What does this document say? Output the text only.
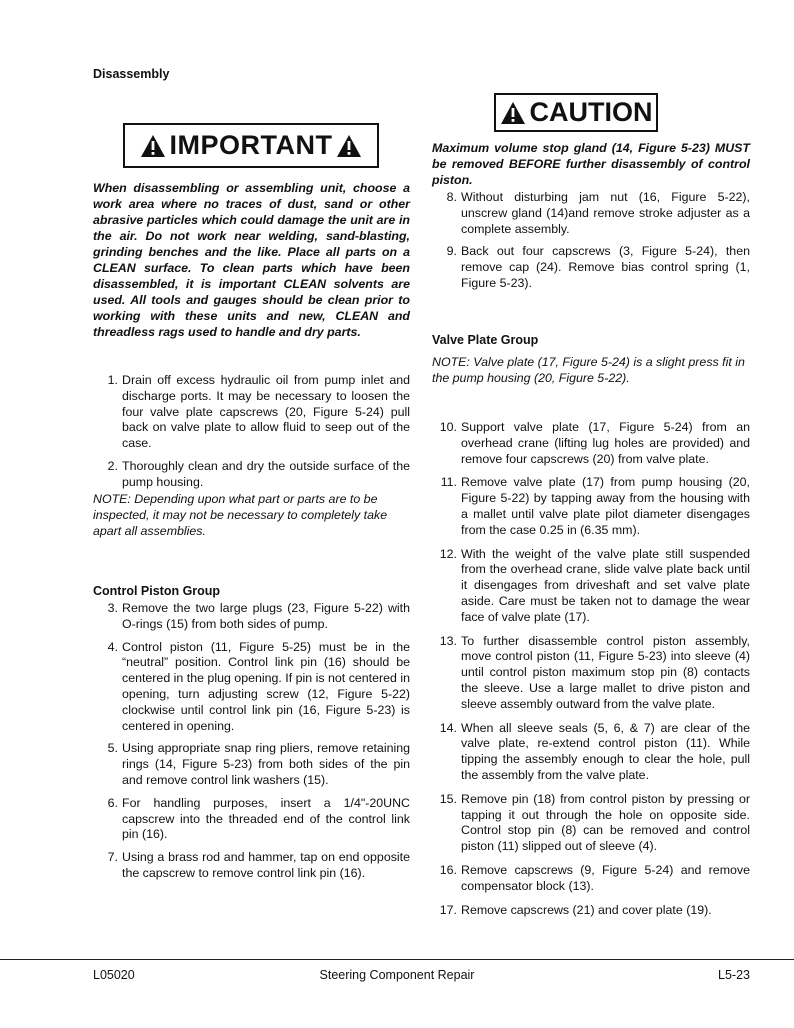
Disassembly
IMPORTANT
When disassembling or assembling unit, choose a work area where no traces of dust, sand or other abrasive particles which could damage the unit are in the air. Do not work near welding, sand-blasting, grinding benches and the like. Place all parts on a CLEAN surface. To clean parts which have been disassembled, it is important CLEAN solvents are used. All tools and gauges should be clean prior to working with these units and new, CLEAN and threadless rags used to handle and dry parts.
1. Drain off excess hydraulic oil from pump inlet and discharge ports. It may be necessary to loosen the four valve plate capscrews (20, Figure 5-24) pull back on valve plate to allow fluid to seep out of the case.
2. Thoroughly clean and dry the outside surface of the pump housing.
NOTE: Depending upon what part or parts are to be inspected, it may not be necessary to completely take apart all assemblies.
Control Piston Group
3. Remove the two large plugs (23, Figure 5-22) with O-rings (15) from both sides of pump.
4. Control piston (11, Figure 5-25) must be in the “neutral” position. Control link pin (16) should be centered in the plug opening. If pin is not centered in opening, turn adjusting screw (12, Figure 5-22) clockwise until control link pin (16, Figure 5-23) is centered in opening.
5. Using appropriate snap ring pliers, remove retaining rings (14, Figure 5-23) from both sides of the pin and remove control link washers (15).
6. For handling purposes, insert a 1/4"-20UNC capscrew into the threaded end of the control link pin (16).
7. Using a brass rod and hammer, tap on end opposite the capscrew to remove control link pin (16).
CAUTION
Maximum volume stop gland (14, Figure 5-23) MUST be removed BEFORE further disassembly of control piston.
8. Without disturbing jam nut (16, Figure 5-22), unscrew gland (14)and remove stroke adjuster as a complete assembly.
9. Back out four capscrews (3, Figure 5-24), then remove cap (24). Remove bias control spring (1, Figure 5-23).
Valve Plate Group
NOTE: Valve plate (17, Figure 5-24) is a slight press fit in the pump housing (20, Figure 5-22).
10. Support valve plate (17, Figure 5-24) from an overhead crane (lifting lug holes are provided) and remove four capscrews (20) from valve plate.
11. Remove valve plate (17) from pump housing (20, Figure 5-22) by tapping away from the housing with a mallet until valve plate pilot diameter disengages from the case 0.25 in (6.35 mm).
12. With the weight of the valve plate still suspended from the overhead crane, slide valve plate back until it disengages from driveshaft and set valve plate aside. Care must be taken not to damage the wear face of valve plate (17).
13. To further disassemble control piston assembly, move control piston (11, Figure 5-23) into sleeve (4) until control piston maximum stop pin (8) contacts the sleeve. Use a large mallet to drive piston and sleeve assembly outward from the valve plate.
14. When all sleeve seals (5, 6, & 7) are clear of the valve plate, re-extend control piston (11). While tipping the assembly enough to clear the hole, pull the assembly from the valve plate.
15. Remove pin (18) from control piston by pressing or tapping it out through the hole on opposite side. Control stop pin (8) can be removed and control piston (11) slipped out of sleeve (4).
16. Remove capscrews (9, Figure 5-24) and remove compensator block (13).
17. Remove capscrews (21) and cover plate (19).
L05020	Steering Component Repair	L5-23
